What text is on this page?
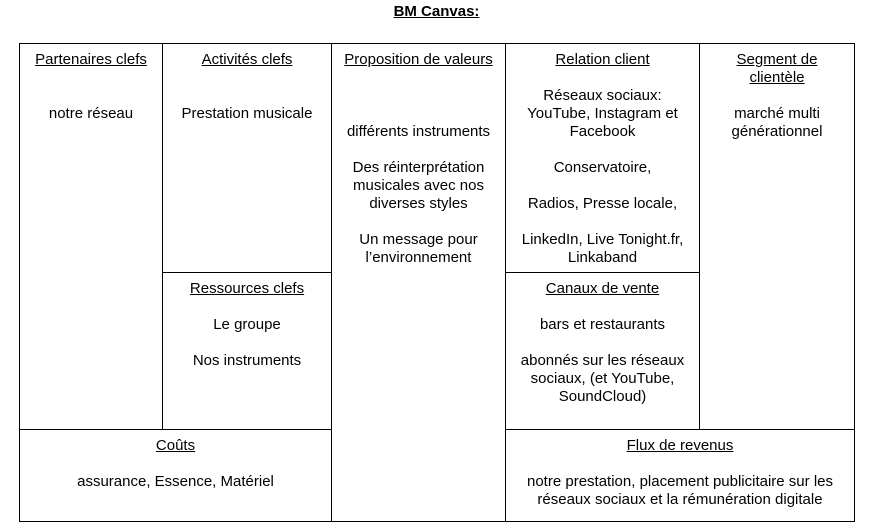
BM Canvas:
Partenaires clefs

notre réseau

Activités clefs

Prestation musicale

Ressources clefs

Le groupe

Nos instruments

Proposition de valeurs

différents instruments

Des réinterprétation musicales avec nos diverses styles

Un message pour l’environnement

Relation client

Réseaux sociaux: YouTube, Instagram et Facebook

Conservatoire,

Radios, Presse locale,

LinkedIn, Live Tonight.fr, Linkaband

Canaux de vente

bars et restaurants

abonnés sur les réseaux sociaux, (et YouTube, SoundCloud)

Segment de clientèle

marché multi générationnel

Coûts

assurance, Essence, Matériel

Flux de revenus

notre prestation, placement publicitaire sur les réseaux sociaux et la rémunération digitale
